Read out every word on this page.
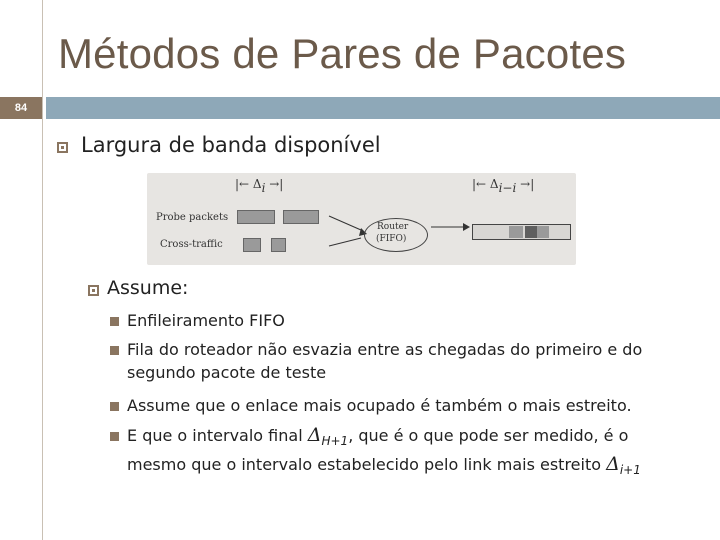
Métodos de Pares de Pacotes
84
Largura de banda disponível
|← Δi →|	|← Δi−i →|
Probe packets
Cross-traffic
Router
(FIFO)
Assume:
Enfileiramento FIFO
Fila do roteador não esvazia entre as chegadas do primeiro e do
segundo pacote de teste
Assume que o enlace mais ocupado é também o mais estreito.
E que o intervalo final $\Delta_{H+1}$, que é o que pode ser medido, é o
mesmo que o intervalo estabelecido pelo link mais estreito $\Delta_{i+1}$
